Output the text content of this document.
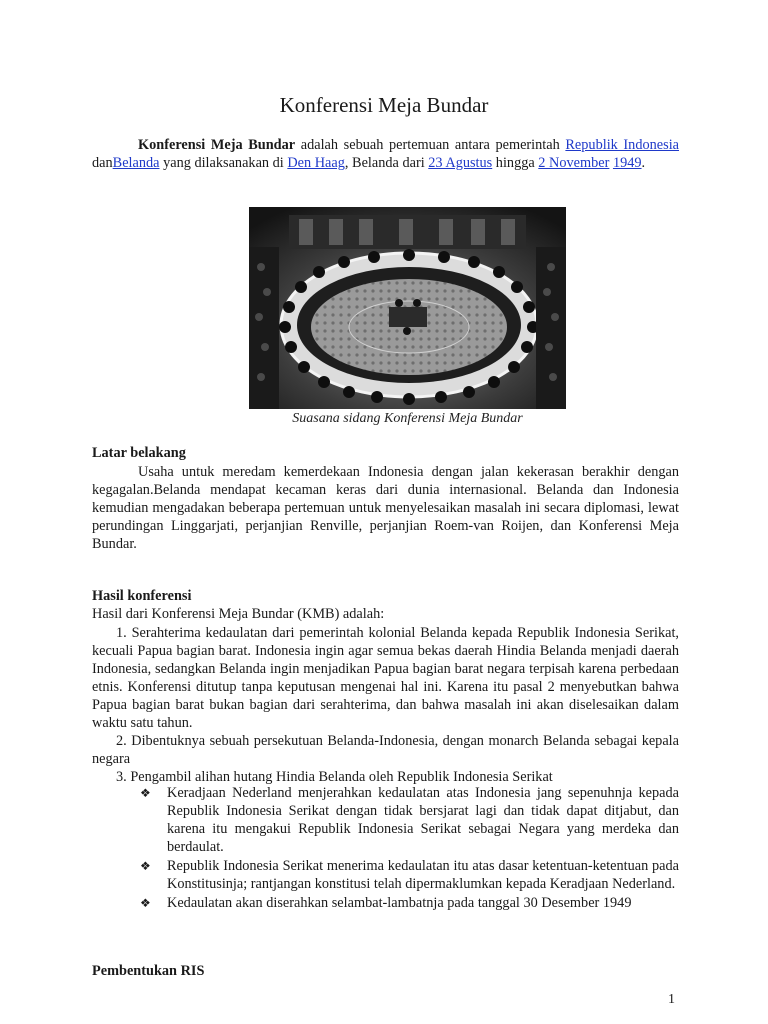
Konferensi Meja Bundar

Konferensi Meja Bundar adalah sebuah pertemuan antara pemerintah Republik Indonesia danBelanda yang dilaksanakan di Den Haag, Belanda dari 23 Agustus hingga 2 November 1949.

Suasana sidang Konferensi Meja Bundar
Latar belakang

Usaha untuk meredam kemerdekaan Indonesia dengan jalan kekerasan berakhir dengan kegagalan.Belanda mendapat kecaman keras dari dunia internasional. Belanda dan Indonesia kemudian mengadakan beberapa pertemuan untuk menyelesaikan masalah ini secara diplomasi, lewat perundingan Linggarjati, perjanjian Renville, perjanjian Roem-van Roijen, dan Konferensi Meja Bundar.

Hasil konferensi

Hasil dari Konferensi Meja Bundar (KMB) adalah:

1. Serahterima kedaulatan dari pemerintah kolonial Belanda kepada Republik Indonesia Serikat, kecuali Papua bagian barat. Indonesia ingin agar semua bekas daerah Hindia Belanda menjadi daerah Indonesia, sedangkan Belanda ingin menjadikan Papua bagian barat negara terpisah karena perbedaan etnis. Konferensi ditutup tanpa keputusan mengenai hal ini. Karena itu pasal 2 menyebutkan bahwa Papua bagian barat bukan bagian dari serahterima, dan bahwa masalah ini akan diselesaikan dalam waktu satu tahun.
2. Dibentuknya sebuah persekutuan Belanda-Indonesia, dengan monarch Belanda sebagai kepala negara
3. Pengambil alihan hutang Hindia Belanda oleh Republik Indonesia Serikat
❖ Keradjaan Nederland menjerahkan kedaulatan atas Indonesia jang sepenuhnja kepada Republik Indonesia Serikat dengan tidak bersjarat lagi dan tidak dapat ditjabut, dan karena itu mengakui Republik Indonesia Serikat sebagai Negara yang merdeka dan berdaulat.
❖ Republik Indonesia Serikat menerima kedaulatan itu atas dasar ketentuan-ketentuan pada Konstitusinja; rantjangan konstitusi telah dipermaklumkan kepada Keradjaan Nederland.
❖ Kedaulatan akan diserahkan selambat-lambatnja pada tanggal 30 Desember 1949
Pembentukan RIS
1
